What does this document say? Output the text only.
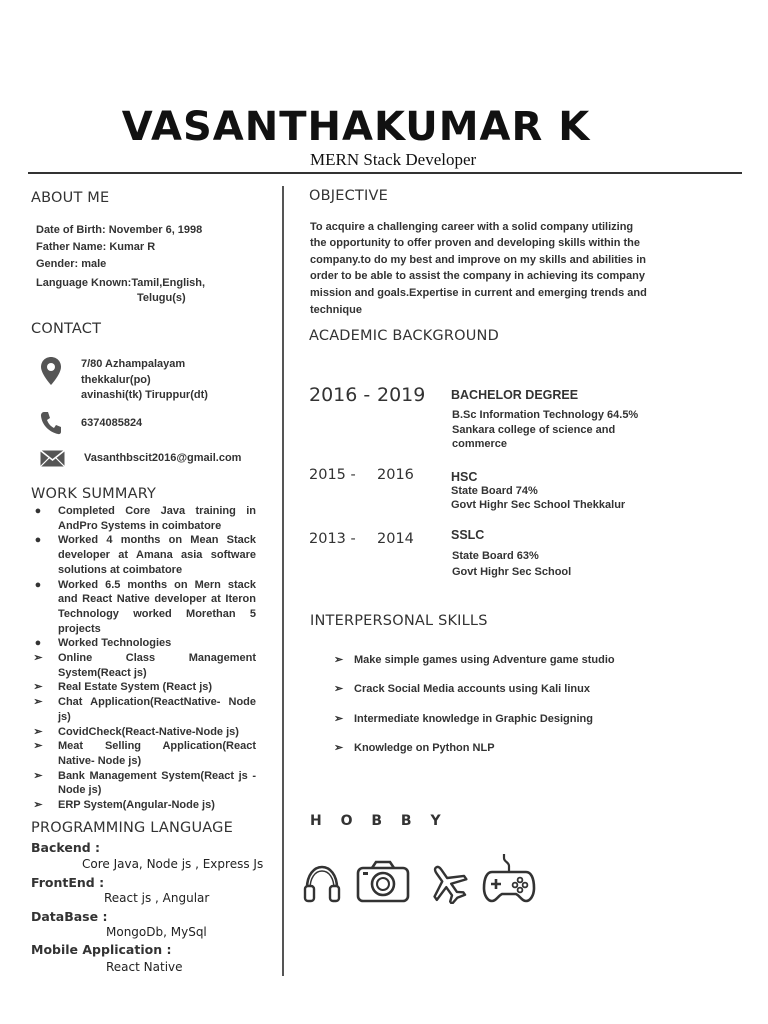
VASANTHAKUMAR K
MERN Stack Developer
ABOUT ME
Date of Birth: November 6, 1998
Father Name: Kumar R
Gender: male
Language Known:Tamil,English,
Telugu(s)
CONTACT
7/80 Azhampalayam
thekkalur(po)
avinashi(tk) Tiruppur(dt)
6374085824
Vasanthbscit2016@gmail.com
WORK SUMMARY
●	Completed Core Java training in AndPro Systems in coimbatore
●	Worked 4 months on Mean Stack developer at Amana asia software solutions at coimbatore
●	Worked 6.5 months on Mern stack and React Native developer at Iteron Technology worked Morethan 5 projects
●	Worked Technologies
➢ Online Class Management System(React js)
➢ Real Estate System (React js)
➢ Chat Application(ReactNative- Node js)
➢ CovidCheck(React-Native-Node js)
➢ Meat Selling Application(React Native- Node js)
➢ Bank Management System(React js - Node js)
➢ ERP System(Angular-Node js)
PROGRAMMING LANGUAGE
Backend :
Core Java, Node js , Express Js
FrontEnd :
React js , Angular
DataBase :
MongoDb, MySql
Mobile Application :
React Native
OBJECTIVE
To acquire a challenging career with a solid company utilizing
the opportunity to offer proven and developing skills within the
company.to do my best and improve on my skills and abilities in
order to be able to assist the company in achieving its company
mission and goals.Expertise in current and emerging trends and
technique
ACADEMIC BACKGROUND
2016 - 2019 BACHELOR DEGREE
B.Sc Information Technology 64.5%
Sankara college of science and
commerce
2015 - 2016	HSC
State Board 74%
Govt Highr Sec School Thekkalur
2013 - 2014	SSLC
State Board 63%
Govt Highr Sec School
INTERPERSONAL SKILLS
➢ Make simple games using Adventure game studio
➢ Crack Social Media accounts using Kali linux
➢ Intermediate knowledge in Graphic Designing
➢ Knowledge on Python NLP
H O B B Y
